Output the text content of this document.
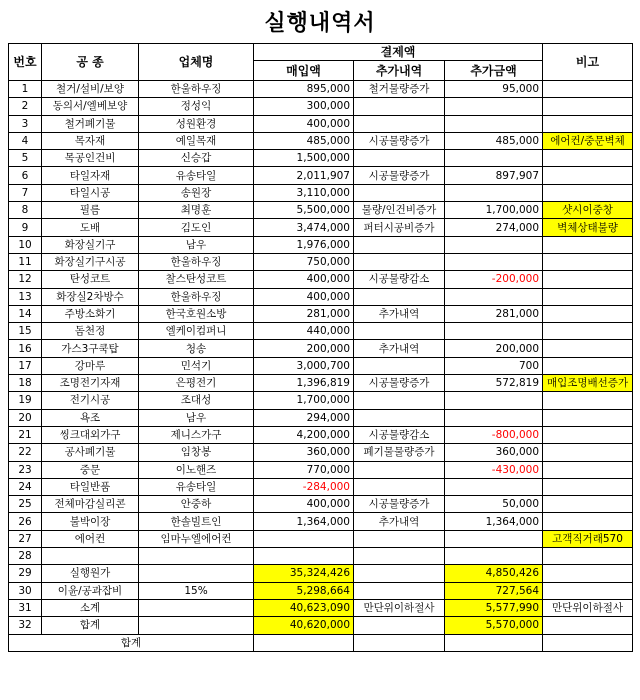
실행내역서
번호	공 종	업체명	결제액			비고
			매입액	추가내역	추가금액	
1	철거/설비/보양	한울하우징	895,000	철거물량증가	95,000	
2	동의서/엘베보양	정성익	300,000			
3	철거폐기물	성원환경	400,000			
4	목자재	예일목재	485,000	시공물량증가	485,000	에어컨/중문벽체
5	목공인건비	신승갑	1,500,000			
6	타일자재	유송타일	2,011,907	시공물량증가	897,907	
7	타일시공	송원장	3,110,000			
8	필름	최명훈	5,500,000	물량/인건비증가	1,700,000	샷시이중창
9	도배	김도인	3,474,000	퍼터시공비증가	274,000	벽체상태불량
10	화장실기구	남우	1,976,000			
11	화장실기구시공	한울하우징	750,000			
12	탄성코트	찰스탄성코트	400,000	시공물량감소	-200,000	
13	화장실2차방수	한울하우징	400,000			
14	주방소화기	한국호원소방	281,000	추가내역	281,000	
15	돔천정	엘케이컴퍼니	440,000			
16	가스3구쿡탑	청송	200,000	추가내역	200,000	
17	강마루	민석기	3,000,700		700	
18	조명전기자재	은평전기	1,396,819	시공물량증가	572,819	매입조명배선증가
19	전기시공	조대성	1,700,000			
20	욕조	남우	294,000			
21	씽크대외가구	제니스가구	4,200,000	시공물량감소	-800,000	
22	공사폐기물	임창봉	360,000	폐기물물량증가	360,000	
23	중문	이노핸즈	770,000		-430,000	
24	타일반품	유송타일	-284,000			
25	전체마감실리콘	안중하	400,000	시공물량증가	50,000	
26	불박이장	한솔빌트인	1,364,000	추가내역	1,364,000	
27	에어컨	임마누엘에어컨				고객직거래570
28						
29	실행원가		35,324,426		4,850,426	
30	이윤/공과잡비	15%	5,298,664		727,564	
31	소계		40,623,090	만단위이하절사	5,577,990	만단위이하절사
32	합계		40,620,000		5,570,000	
합계						
